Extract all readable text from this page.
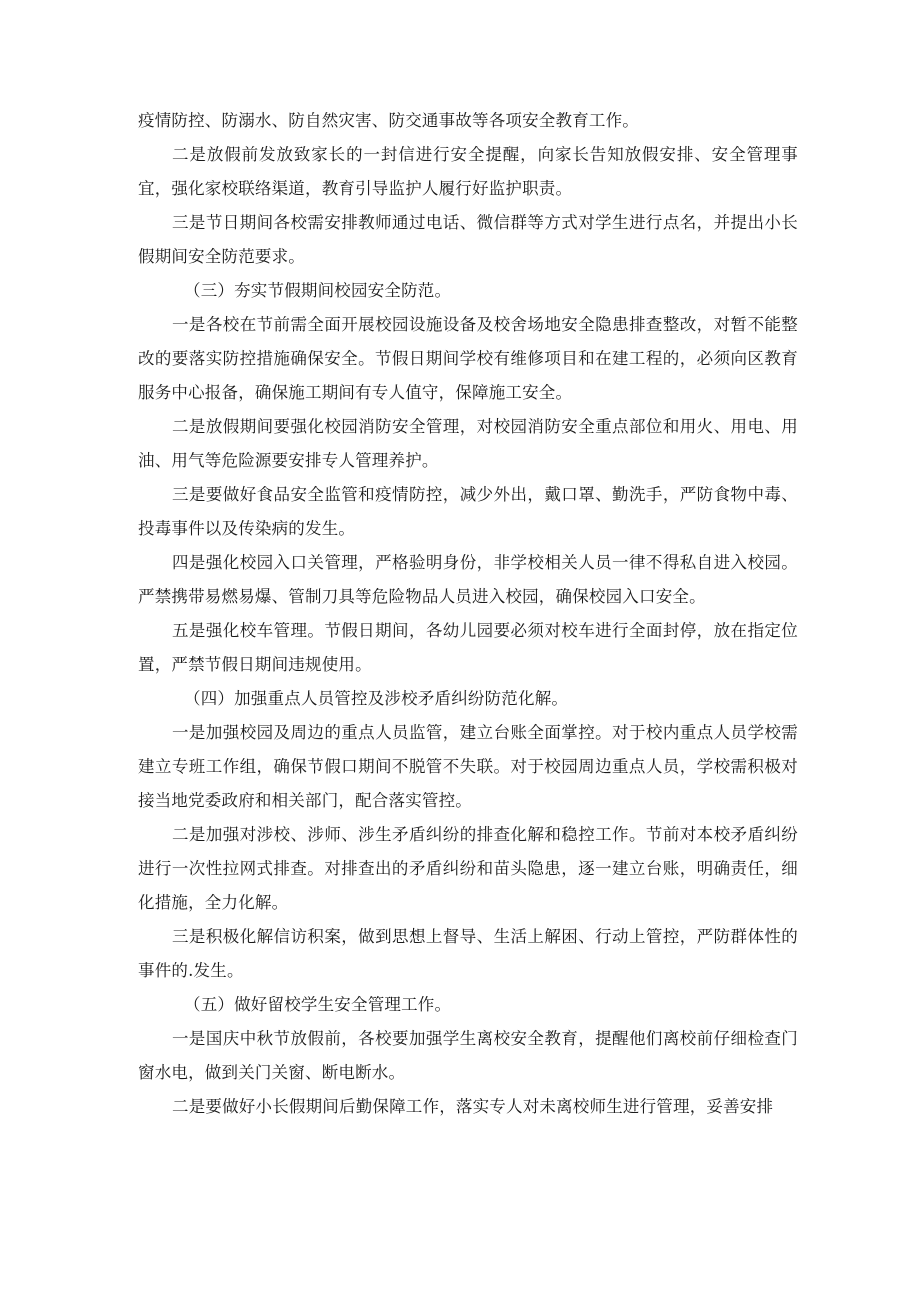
疫情防控、防溺水、防自然灾害、防交通事故等各项安全教育工作。

二是放假前发放致家长的一封信进行安全提醒，向家长告知放假安排、安全管理事宜，强化家校联络渠道，教育引导监护人履行好监护职责。

三是节日期间各校需安排教师通过电话、微信群等方式对学生进行点名，并提出小长假期间安全防范要求。

（三）夯实节假期间校园安全防范。

一是各校在节前需全面开展校园设施设备及校舍场地安全隐患排查整改，对暂不能整改的要落实防控措施确保安全。节假日期间学校有维修项目和在建工程的，必须向区教育服务中心报备，确保施工期间有专人值守，保障施工安全。

二是放假期间要强化校园消防安全管理，对校园消防安全重点部位和用火、用电、用油、用气等危险源要安排专人管理养护。

三是要做好食品安全监管和疫情防控，减少外出，戴口罩、勤洗手，严防食物中毒、投毒事件以及传染病的发生。

四是强化校园入口关管理，严格验明身份，非学校相关人员一律不得私自进入校园。严禁携带易燃易爆、管制刀具等危险物品人员进入校园，确保校园入口安全。

五是强化校车管理。节假日期间，各幼儿园要必须对校车进行全面封停，放在指定位置，严禁节假日期间违规使用。

（四）加强重点人员管控及涉校矛盾纠纷防范化解。

一是加强校园及周边的重点人员监管，建立台账全面掌控。对于校内重点人员学校需建立专班工作组，确保节假口期间不脱管不失联。对于校园周边重点人员，学校需积极对接当地党委政府和相关部门，配合落实管控。

二是加强对涉校、涉师、涉生矛盾纠纷的排查化解和稳控工作。节前对本校矛盾纠纷进行一次性拉网式排查。对排查出的矛盾纠纷和苗头隐患，逐一建立台账，明确责任，细化措施，全力化解。

三是积极化解信访积案，做到思想上督导、生活上解困、行动上管控，严防群体性的事件的.发生。

（五）做好留校学生安全管理工作。

一是国庆中秋节放假前，各校要加强学生离校安全教育，提醒他们离校前仔细检查门窗水电，做到关门关窗、断电断水。

二是要做好小长假期间后勤保障工作，落实专人对未离校师生进行管理，妥善安排
